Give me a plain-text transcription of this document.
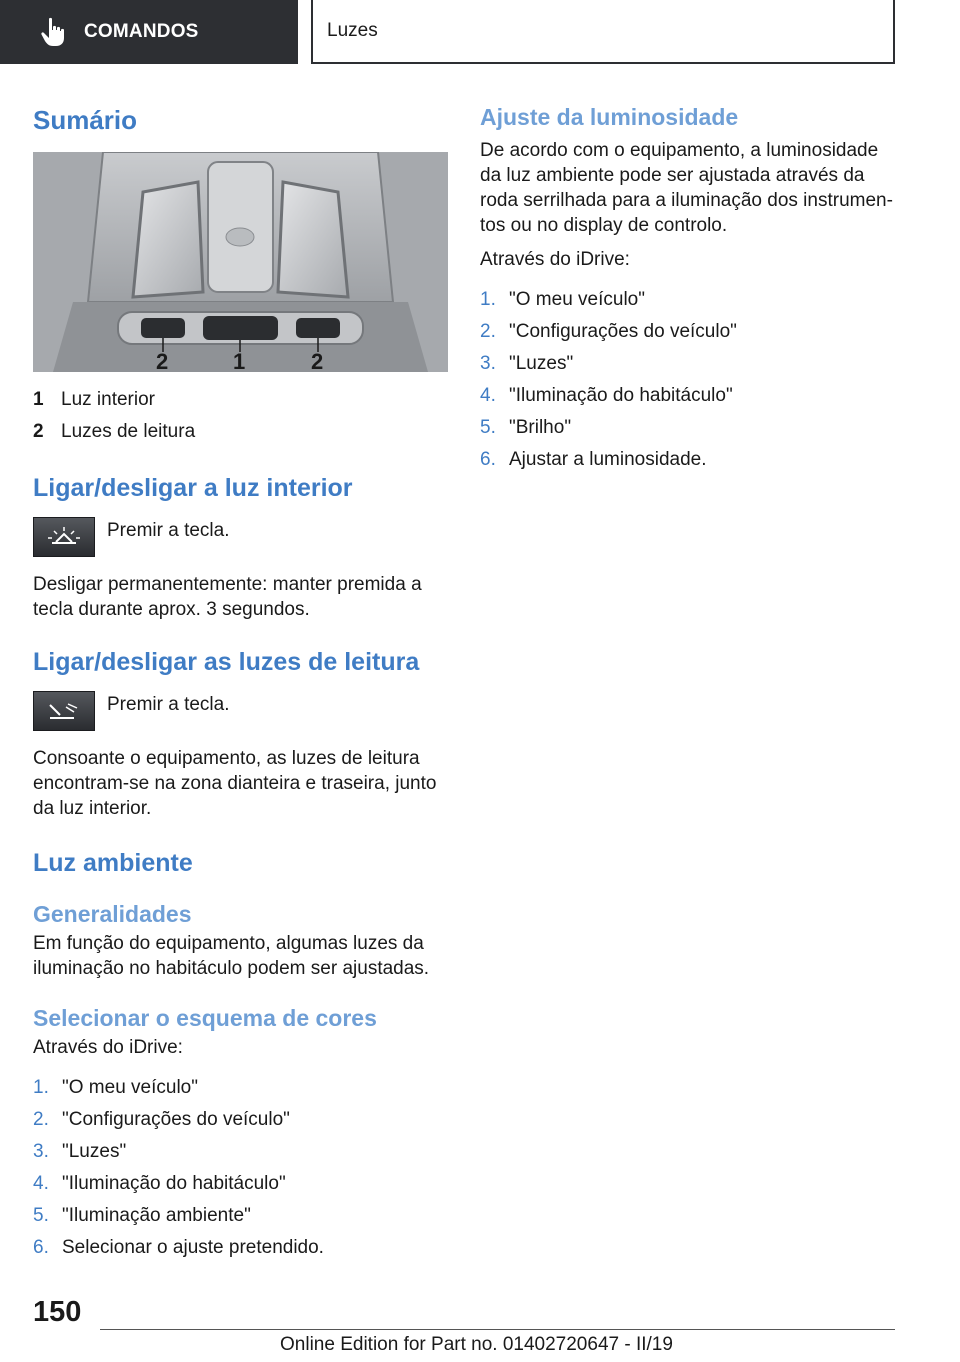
COMANDOS	Luzes
Sumário
2	1	2
1 Luz interior
2 Luzes de leitura
Ligar/desligar a luz interior
Premir a tecla.
Desligar permanentemente: manter premida a tecla durante aprox. 3 segundos.
Ligar/desligar as luzes de leitura
Premir a tecla.
Consoante o equipamento, as luzes de leitura encontram-se na zona dianteira e traseira, junto da luz interior.
Luz ambiente
Generalidades
Em função do equipamento, algumas luzes da iluminação no habitáculo podem ser ajustadas.
Selecionar o esquema de cores
Através do iDrive:
1. "O meu veículo"
2. "Configurações do veículo"
3. "Luzes"
4. "Iluminação do habitáculo"
5. "Iluminação ambiente"
6. Selecionar o ajuste pretendido.
Ajuste da luminosidade
De acordo com o equipamento, a luminosidade da luz ambiente pode ser ajustada através da roda serrilhada para a iluminação dos instrumen-tos ou no display de controlo.
Através do iDrive:
1. "O meu veículo"
2. "Configurações do veículo"
3. "Luzes"
4. "Iluminação do habitáculo"
5. "Brilho"
6. Ajustar a luminosidade.
150
Online Edition for Part no. 01402720647 - II/19
